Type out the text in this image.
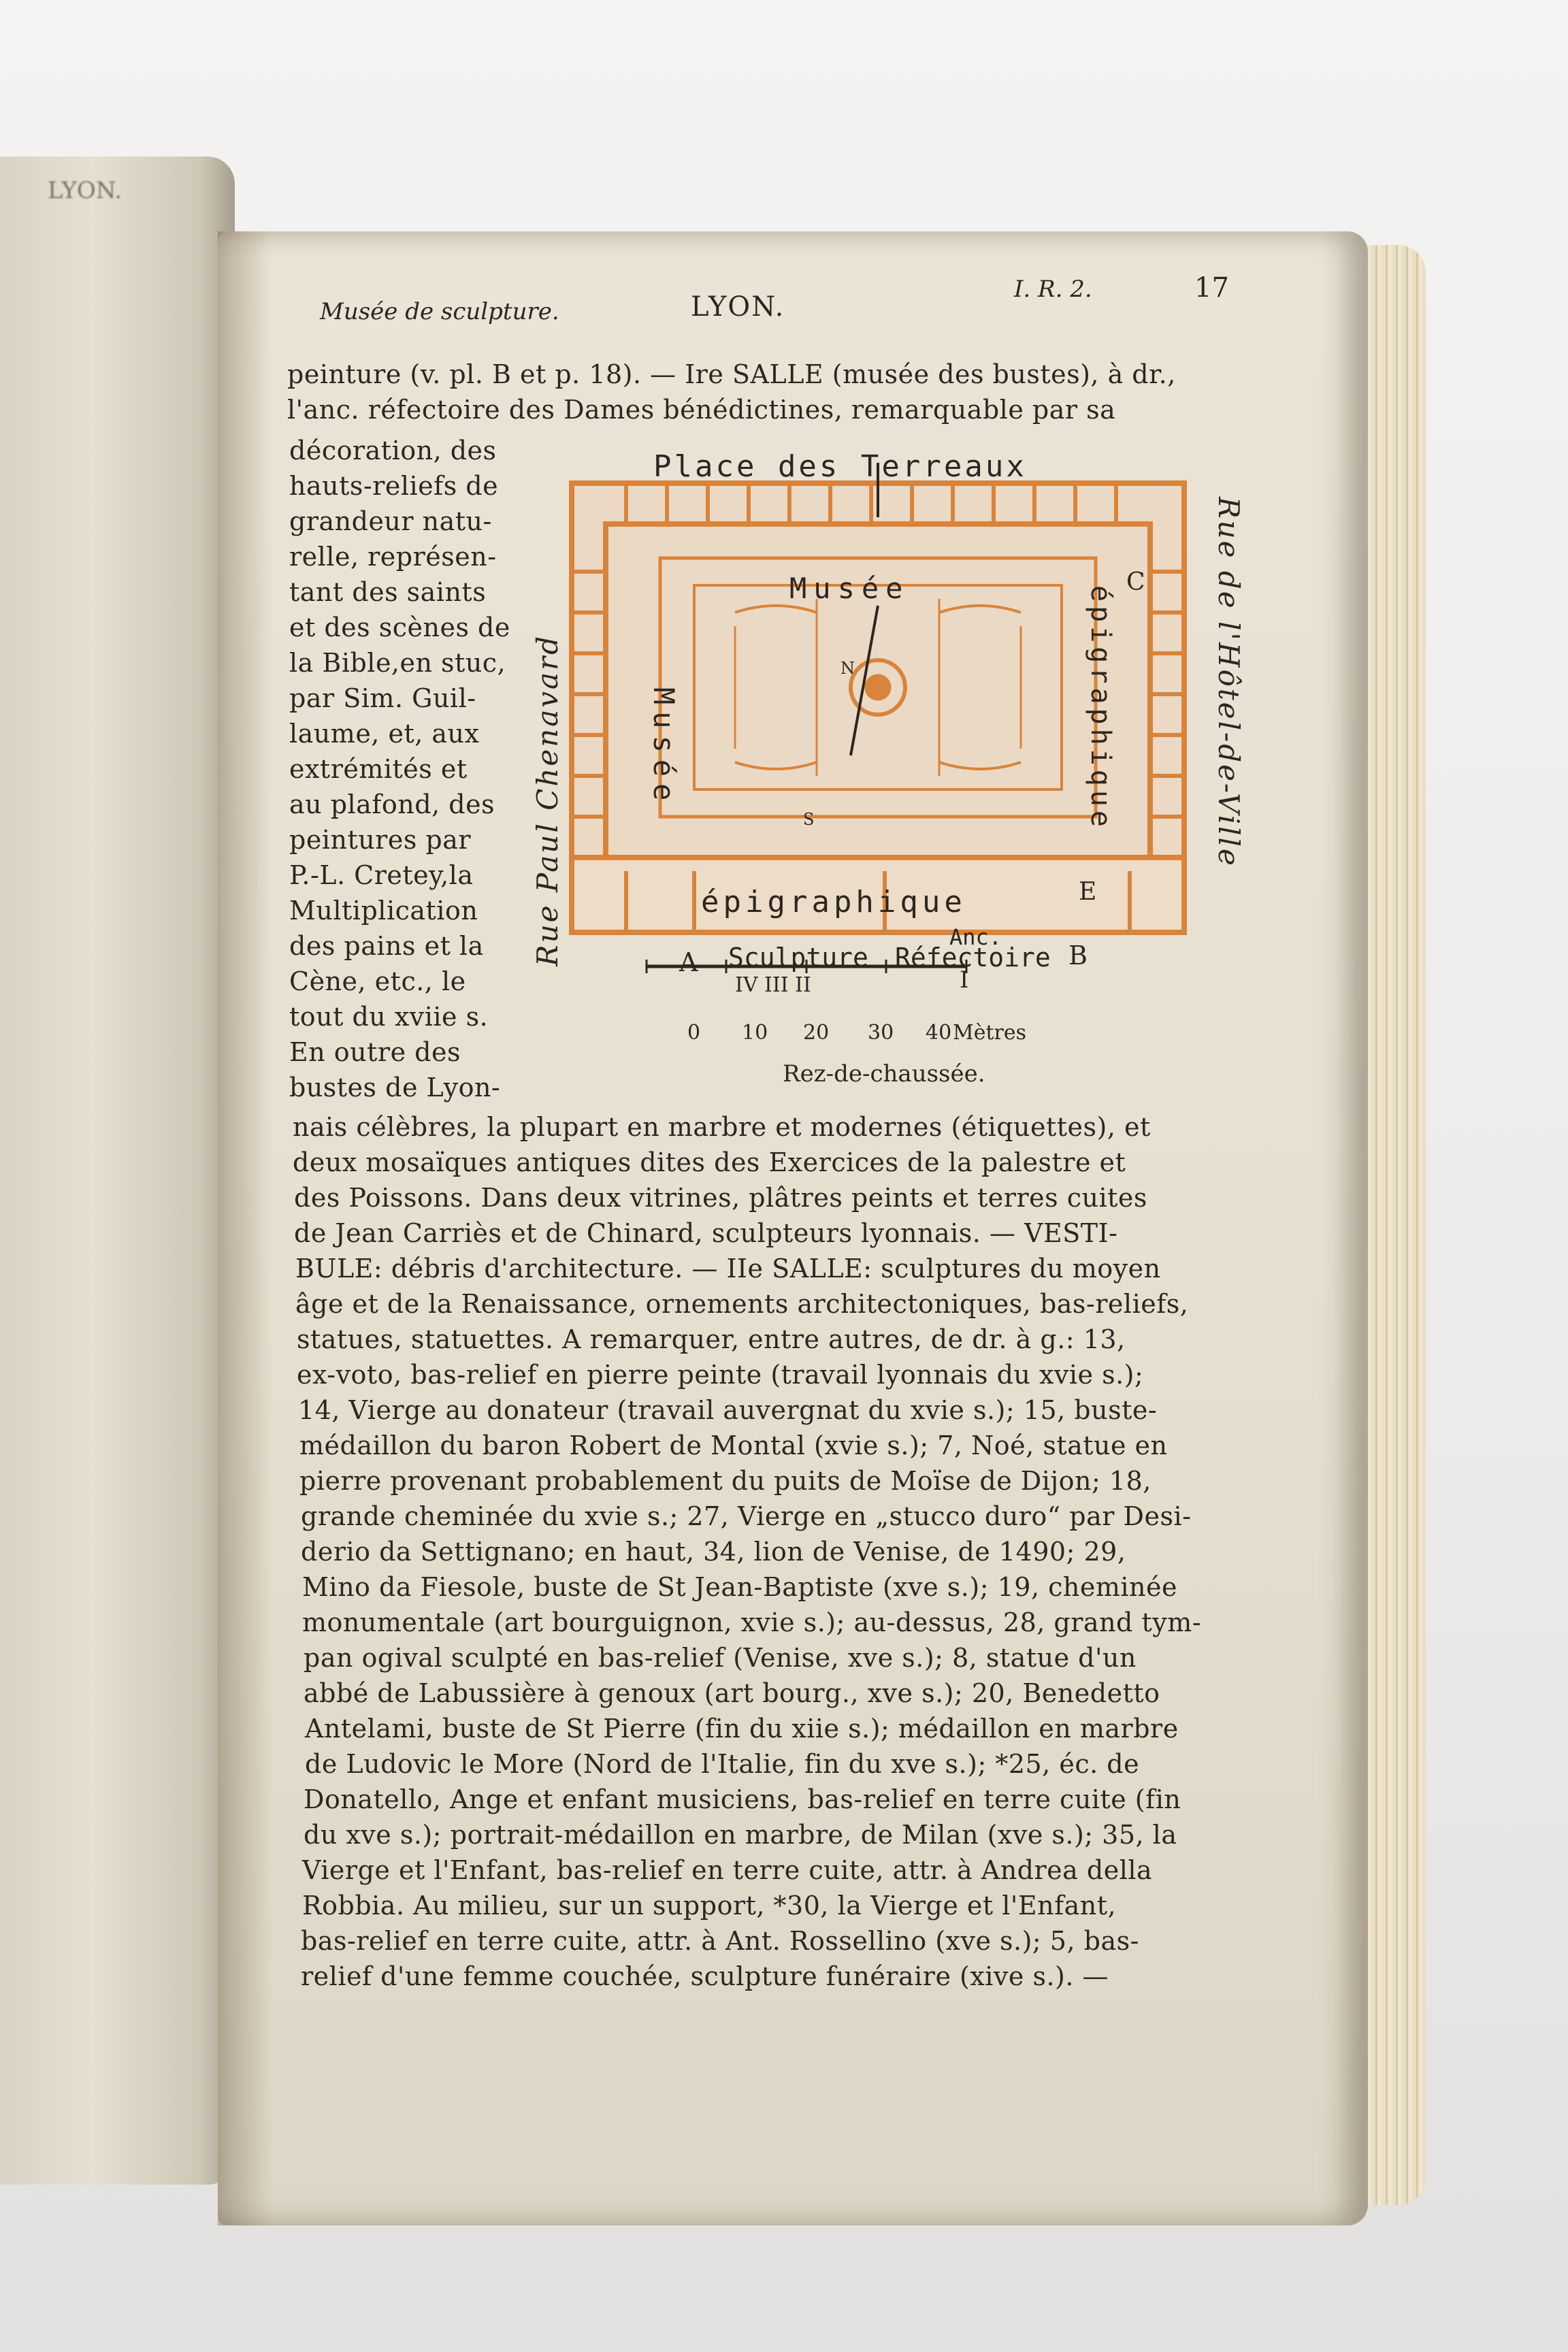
LYON.
Musée de sculpture.	LYON.
I. R. 2.	17
peinture (v. pl. B et p. 18). — Ire SALLE (musée des bustes), à dr.,
l'anc. réfectoire des Dames bénédictines, remarquable par sa
décoration, des
hauts-reliefs de
grandeur natu-
relle, représen-
tant des saints
et des scènes de
la Bible,en stuc,
par Sim. Guil-
laume, et, aux
extrémités et
au plafond, des
peintures par
P.-L. Cretey,la
Multiplication
des pains et la
Cène, etc., le
tout du xviie s.
En outre des
bustes de Lyon-
Place des Terreaux
Musée
épigraphique
Sculpture
IV III II
Anc.
Réfectoire
I
A	B
C
E
N
S
Rue Paul Chenavard	Musée	épigraphique	Rue de l'Hôtel-de-Ville
0 10 20 30 40 Mètres
Rez-de-chaussée.
nais célèbres, la plupart en marbre et modernes (étiquettes), et
deux mosaïques antiques dites des Exercices de la palestre et
des Poissons. Dans deux vitrines, plâtres peints et terres cuites
de Jean Carriès et de Chinard, sculpteurs lyonnais. — VESTI-
BULE: débris d'architecture. — IIe SALLE: sculptures du moyen
âge et de la Renaissance, ornements architectoniques, bas-reliefs,
statues, statuettes. A remarquer, entre autres, de dr. à g.: 13,
ex-voto, bas-relief en pierre peinte (travail lyonnais du xvie s.);
14, Vierge au donateur (travail auvergnat du xvie s.); 15, buste-
médaillon du baron Robert de Montal (xvie s.); 7, Noé, statue en
pierre provenant probablement du puits de Moïse de Dijon; 18,
grande cheminée du xvie s.; 27, Vierge en „stucco duro“ par Desi-
derio da Settignano; en haut, 34, lion de Venise, de 1490; 29,
Mino da Fiesole, buste de St Jean-Baptiste (xve s.); 19, cheminée
monumentale (art bourguignon, xvie s.); au-dessus, 28, grand tym-
pan ogival sculpté en bas-relief (Venise, xve s.); 8, statue d'un
abbé de Labussière à genoux (art bourg., xve s.); 20, Benedetto
Antelami, buste de St Pierre (fin du xiie s.); médaillon en marbre
de Ludovic le More (Nord de l'Italie, fin du xve s.); *25, éc. de
Donatello, Ange et enfant musiciens, bas-relief en terre cuite (fin
du xve s.); portrait-médaillon en marbre, de Milan (xve s.); 35, la
Vierge et l'Enfant, bas-relief en terre cuite, attr. à Andrea della
Robbia. Au milieu, sur un support, *30, la Vierge et l'Enfant,
bas-relief en terre cuite, attr. à Ant. Rossellino (xve s.); 5, bas-
relief d'une femme couchée, sculpture funéraire (xive s.). —
